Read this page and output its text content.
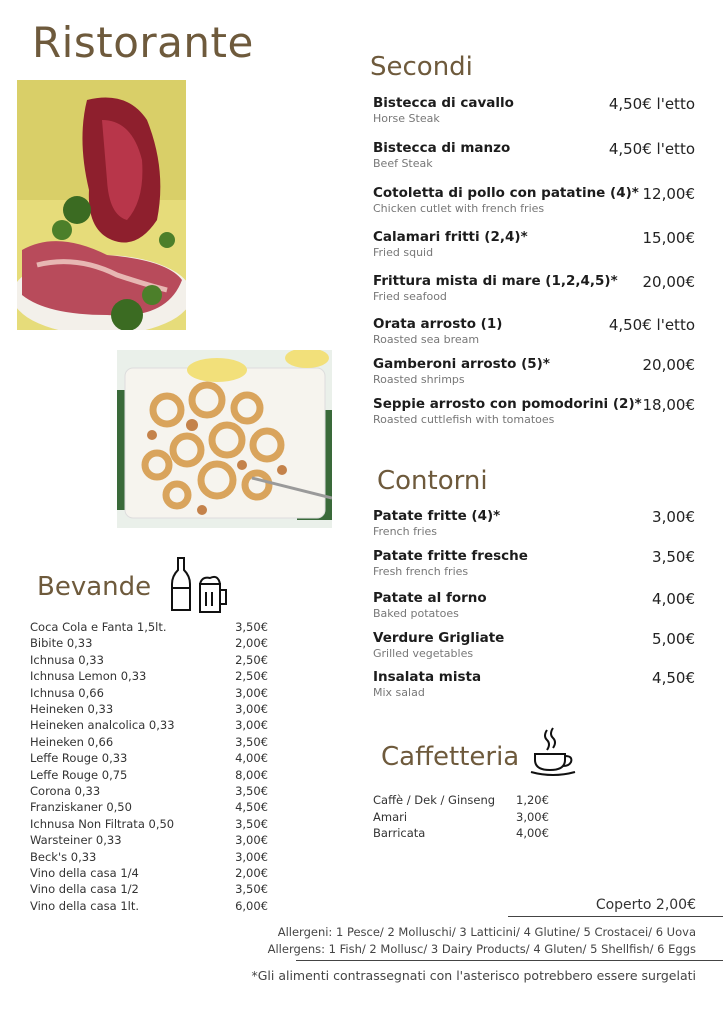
Ristorante	Secondi
Bistecca di cavallo
Horse Steak
4,50€ l'etto
Bistecca di manzo
Beef Steak
4,50€ l'etto
Cotoletta di pollo con patatine (4)*
Chicken cutlet with french fries
12,00€
Calamari fritti (2,4)*
Fried squid
15,00€
Frittura mista di mare (1,2,4,5)*
Fried seafood
20,00€
Orata arrosto (1)
Roasted sea bream
4,50€ l'etto
Gamberoni arrosto (5)*
Roasted shrimps
20,00€
Seppie arrosto con pomodorini (2)*
Roasted cuttlefish with tomatoes
18,00€
Contorni
Patate fritte (4)*
French fries
3,00€
Patate fritte fresche
Fresh french fries
3,50€
Patate al forno
Baked potatoes
4,00€
Verdure Grigliate
Grilled vegetables
5,00€
Insalata mista
Mix salad
4,50€
Bevande
Coca Cola e Fanta 1,5lt.	3,50€
Bibite 0,33	2,00€
Ichnusa 0,33	2,50€
Ichnusa Lemon 0,33	2,50€
Ichnusa 0,66	3,00€
Heineken 0,33	3,00€
Heineken analcolica 0,33	3,00€
Heineken 0,66	3,50€
Leffe Rouge 0,33	4,00€
Leffe Rouge 0,75	8,00€
Corona 0,33	3,50€
Franziskaner 0,50	4,50€
Ichnusa Non Filtrata 0,50	3,50€
Warsteiner 0,33	3,00€
Beck's 0,33	3,00€
Vino della casa 1/4	2,00€
Vino della casa 1/2	3,50€
Vino della casa 1lt.	6,00€
Caffetteria
Caffè / Dek / Ginseng 1,20€
Amari	3,00€
Barricata	4,00€
Coperto 2,00€
Allergeni: 1 Pesce/ 2 Molluschi/ 3 Latticini/ 4 Glutine/ 5 Crostacei/ 6 Uova
Allergens: 1 Fish/ 2 Mollusc/ 3 Dairy Products/ 4 Gluten/ 5 Shellfish/ 6 Eggs
*Gli alimenti contrassegnati con l'asterisco potrebbero essere surgelati
